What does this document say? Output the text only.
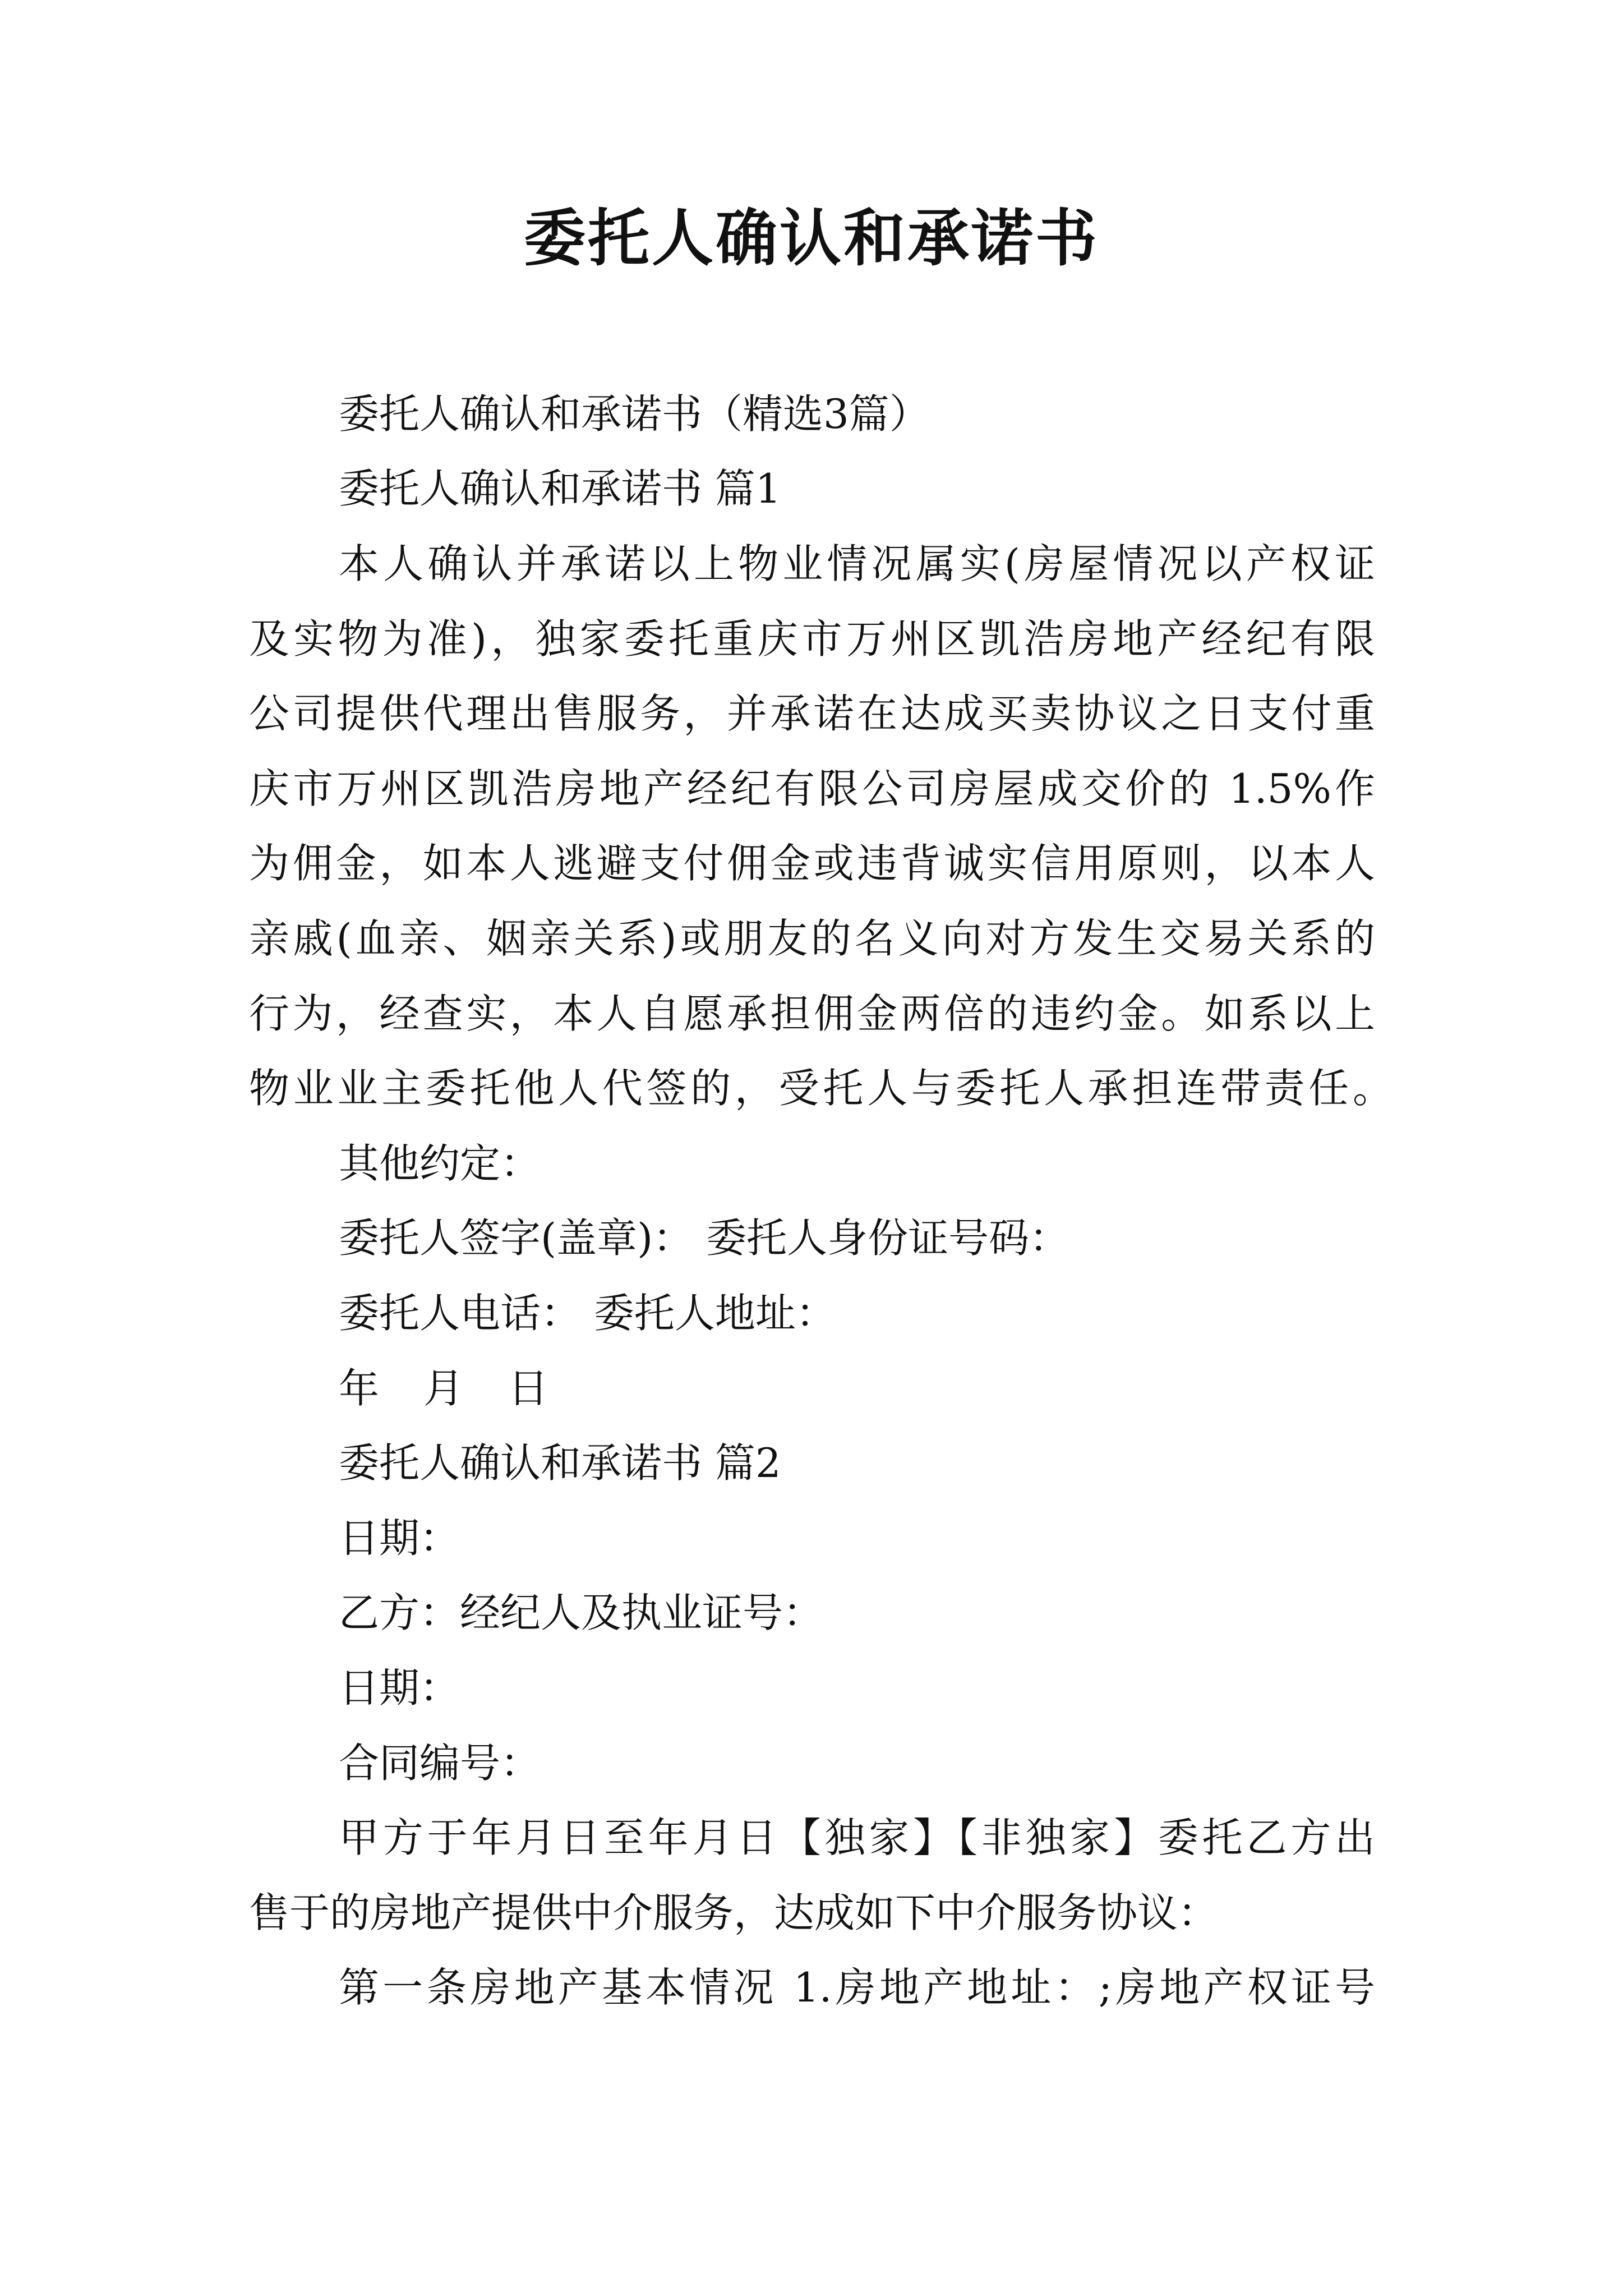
委托人确认和承诺书
委托人确认和承诺书（精选3篇）
委托人确认和承诺书 篇1
本人确认并承诺以上物业情况属实(房屋情况以产权证
及实物为准)，独家委托重庆市万州区凯浩房地产经纪有限
公司提供代理出售服务，并承诺在达成买卖协议之日支付重
庆市万州区凯浩房地产经纪有限公司房屋成交价的 1.5%作
为佣金，如本人逃避支付佣金或违背诚实信用原则，以本人
亲戚(血亲、姻亲关系)或朋友的名义向对方发生交易关系的
行为，经查实，本人自愿承担佣金两倍的违约金。如系以上
物业业主委托他人代签的，受托人与委托人承担连带责任。
其他约定：
委托人签字(盖章)： 委托人身份证号码：
委托人电话： 委托人地址：
年 月 日
委托人确认和承诺书 篇2
日期：
乙方：经纪人及执业证号：
日期：
合同编号：
甲方于年月日至年月日【独家】【非独家】委托乙方出
售于的房地产提供中介服务，达成如下中介服务协议：
第一条房地产基本情况 1.房地产地址：;房地产权证号
